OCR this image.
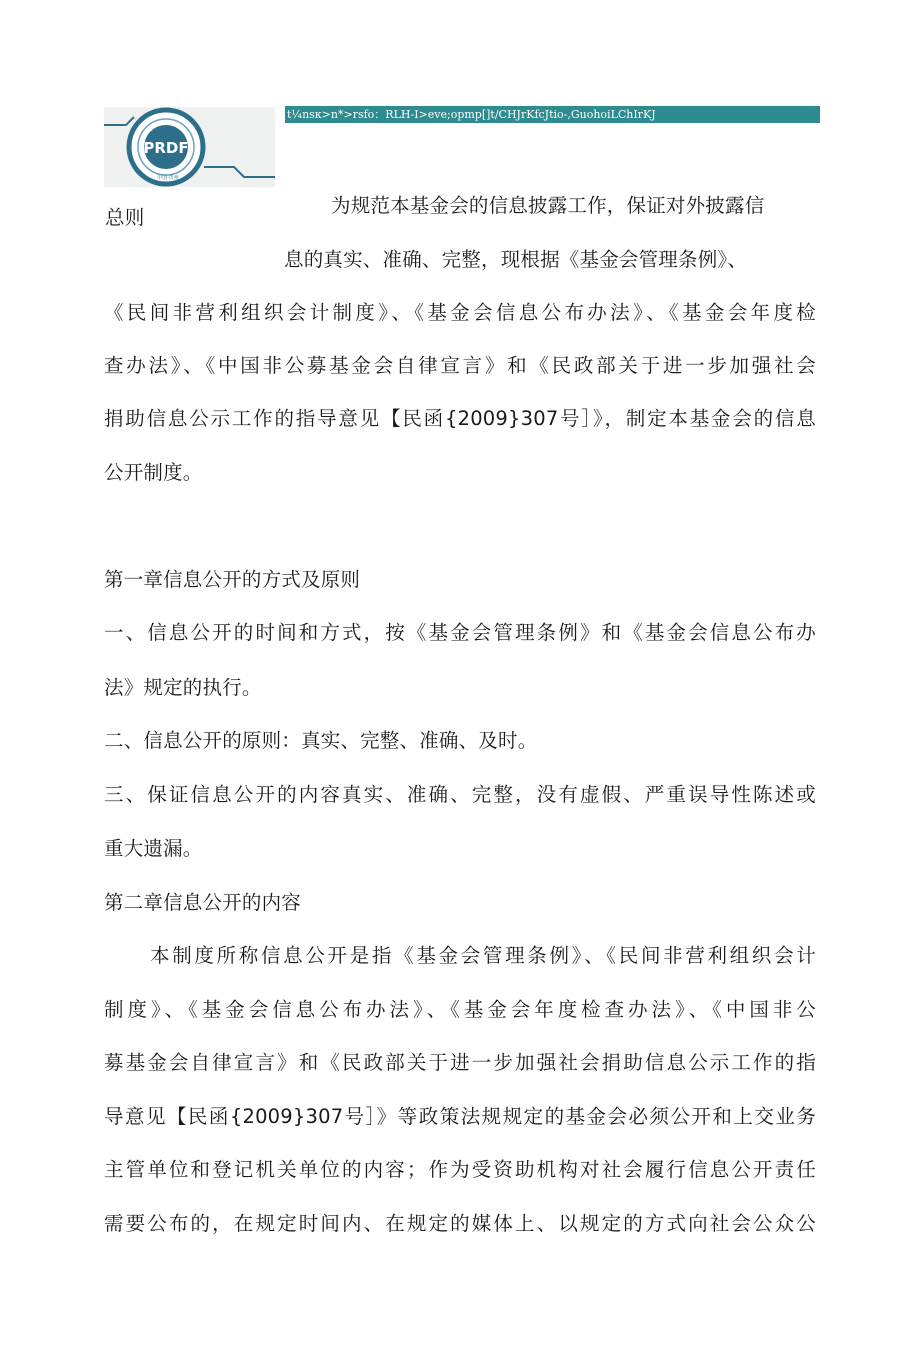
PRDF
中国·贵州
t¼nsκ>n*>rsfo：RLH-I>eve;opmp[]t/CHJrKfcJtio-,GuohoiLChIrKJ
总则
为规范本基金会的信息披露工作，保证对外披露信
息的真实、准确、完整，现根据《基金会管理条例》、
《民间非营利组织会计制度》、《基金会信息公布办法》、《基金会年度检
查办法》、《中国非公募基金会自律宣言》和《民政部关于进一步加强社会
捐助信息公示工作的指导意见【民函{2009}307号］》，制定本基金会的信息
公开制度。
第一章信息公开的方式及原则
一、信息公开的时间和方式，按《基金会管理条例》和《基金会信息公布办
法》规定的执行。
二、信息公开的原则：真实、完整、准确、及时。
三、保证信息公开的内容真实、准确、完整，没有虚假、严重误导性陈述或
重大遗漏。
第二章信息公开的内容
本制度所称信息公开是指《基金会管理条例》、《民间非营利组织会计
制度》、《基金会信息公布办法》、《基金会年度检查办法》、《中国非公
募基金会自律宣言》和《民政部关于进一步加强社会捐助信息公示工作的指
导意见【民函{2009}307号］》等政策法规规定的基金会必须公开和上交业务
主管单位和登记机关单位的内容；作为受资助机构对社会履行信息公开责任
需要公布的，在规定时间内、在规定的媒体上、以规定的方式向社会公众公
